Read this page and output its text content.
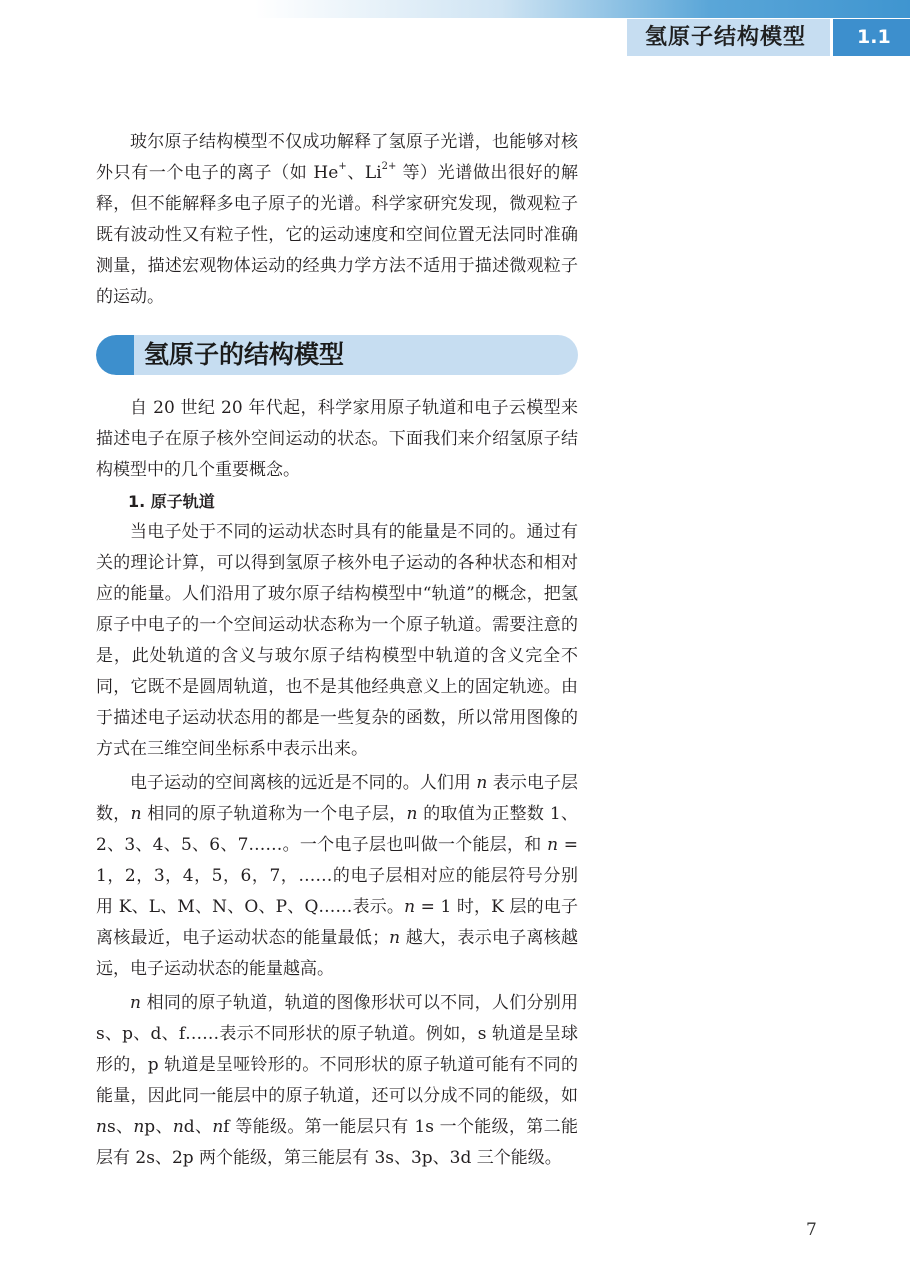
氢原子结构模型	1.1

玻尔原子结构模型不仅成功解释了氢原子光谱，也能够对核外只有一个电子的离子（如 He+、$Li^{2+}$ 等）光谱做出很好的解释，但不能解释多电子原子的光谱。科学家研究发现，微观粒子既有波动性又有粒子性，它的运动速度和空间位置无法同时准确测量，描述宏观物体运动的经典力学方法不适用于描述微观粒子的运动。

氢原子的结构模型

自 20 世纪 20 年代起，科学家用原子轨道和电子云模型来描述电子在原子核外空间运动的状态。下面我们来介绍氢原子结构模型中的几个重要概念。

1. 原子轨道

当电子处于不同的运动状态时具有的能量是不同的。通过有关的理论计算，可以得到氢原子核外电子运动的各种状态和相对应的能量。人们沿用了玻尔原子结构模型中“轨道”的概念，把氢原子中电子的一个空间运动状态称为一个原子轨道。需要注意的是，此处轨道的含义与玻尔原子结构模型中轨道的含义完全不同，它既不是圆周轨道，也不是其他经典意义上的固定轨迹。由于描述电子运动状态用的都是一些复杂的函数，所以常用图像的方式在三维空间坐标系中表示出来。

电子运动的空间离核的远近是不同的。人们用 n 表示电子层数，n 相同的原子轨道称为一个电子层，n 的取值为正整数 1、2、3、4、5、6、7……。一个电子层也叫做一个能层，和 n = 1，2，3，4，5，6，7，……的电子层相对应的能层符号分别用 K、L、M、N、O、P、Q……表示。n = 1 时，K 层的电子离核最近，电子运动状态的能量最低；n 越大，表示电子离核越远，电子运动状态的能量越高。

n 相同的原子轨道，轨道的图像形状可以不同，人们分别用 s、p、d、f……表示不同形状的原子轨道。例如，s 轨道是呈球形的，p 轨道是呈哑铃形的。不同形状的原子轨道可能有不同的能量，因此同一能层中的原子轨道，还可以分成不同的能级，如 ns、np、nd、nf 等能级。第一能层只有 1s 一个能级，第二能层有 2s、2p 两个能级，第三能层有 3s、3p、3d 三个能级。

7
